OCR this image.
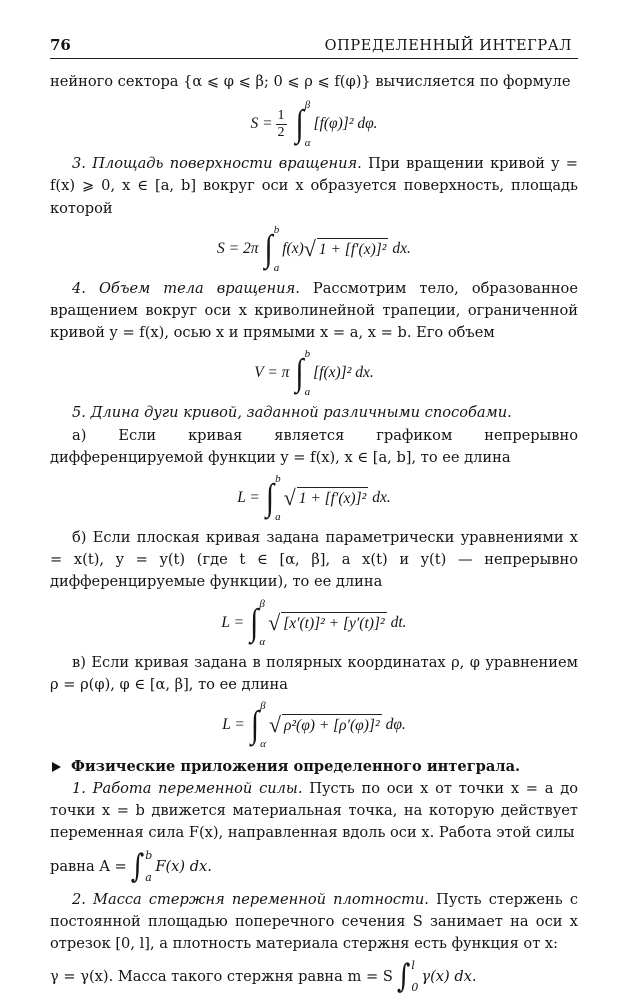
76	ОПРЕДЕЛЕННЫЙ ИНТЕГРАЛ

нейного сектора {α ⩽ φ ⩽ β; 0 ⩽ ρ ⩽ f(φ)} вычисляется по формуле

$S = \frac{1}{2}$ ∫ β
α
[f(φ)]² dφ.

3. Площадь поверхности вращения. При вращении кривой y = f(x) ⩾ 0, x ∈ [a, b] вокруг оси x образуется поверхность, площадь которой

S = 2π ∫ b
a
f(x) √ 1 + [f′(x)]² dx.

4. Объем тела вращения. Рассмотрим тело, образованное вращением вокруг оси x криволинейной трапеции, ограниченной кривой y = f(x), осью x и прямыми x = a, x = b. Его объем

V = π ∫ b
a
[f(x)]² dx.

5. Длина дуги кривой, заданной различными способами.

а) Если кривая является графиком непрерывно дифференцируемой функции y = f(x), x ∈ [a, b], то ее длина

L = ∫ b
a
√ 1 + [f′(x)]² dx.

б) Если плоская кривая задана параметрически уравнениями x = x(t), y = y(t) (где t ∈ [α, β], а x(t) и y(t) — непрерывно дифференцируемые функции), то ее длина

L = ∫ β
α
√ [x′(t)]² + [y′(t)]² dt.

в) Если кривая задана в полярных координатах ρ, φ уравнением ρ = ρ(φ), φ ∈ [α, β], то ее длина

L = ∫ β
α
√ ρ²(φ) + [ρ′(φ)]² dφ.
Физические приложения определенного интеграла.

1. Работа переменной силы. Пусть по оси x от точки x = a до точки x = b движется материальная точка, на которую действует переменная сила F(x), направленная вдоль оси x. Работа этой силы

равна A = ∫ b
a
F(x) dx.

2. Масса стержня переменной плотности. Пусть стержень с постоянной площадью поперечного сечения S занимает на оси x отрезок [0, l], а плотность материала стержня есть функция от x:

γ = γ(x). Масса такого стержня равна m = S ∫ l
0
γ(x) dx.
